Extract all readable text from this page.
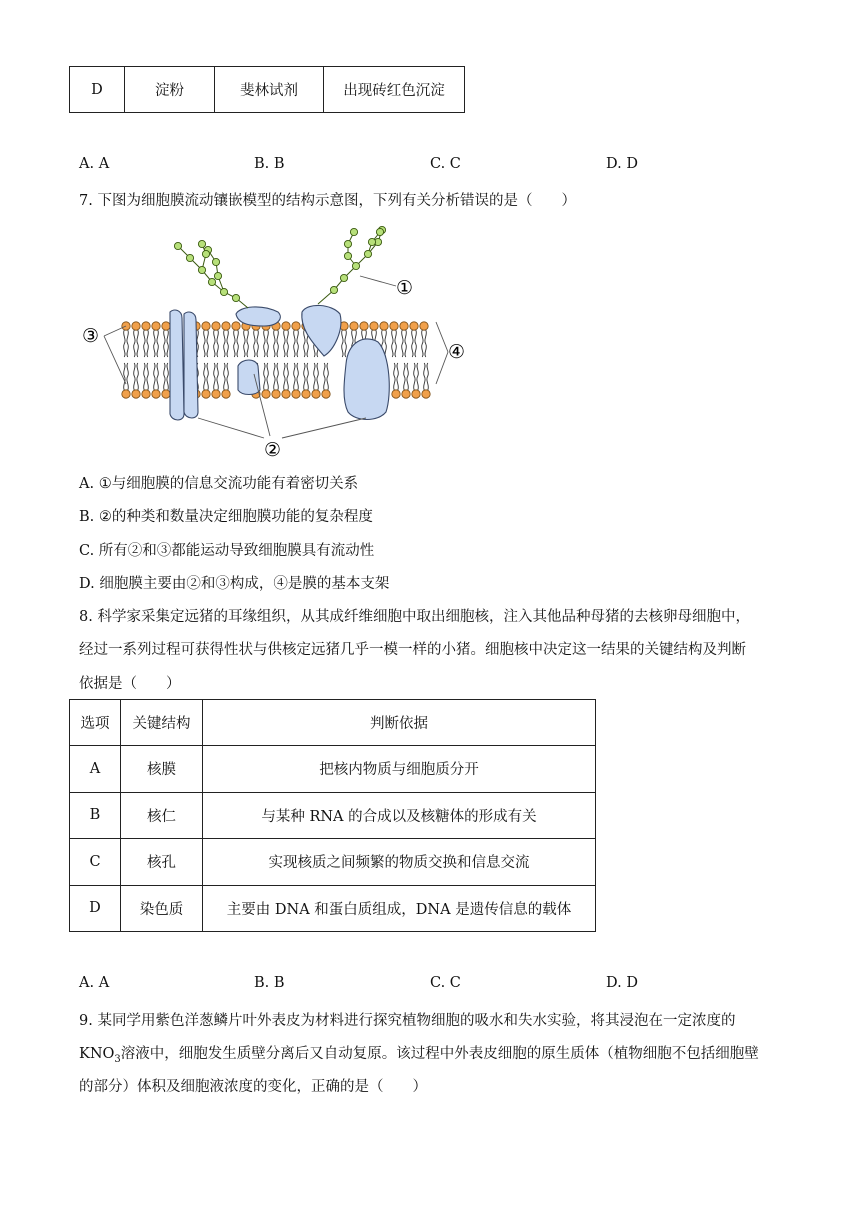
D	淀粉	斐林试剂	出现砖红色沉淀
A. A	B. B	C. C	D. D
7. 下图为细胞膜流动镶嵌模型的结构示意图，下列有关分析错误的是（　　）
①
③
④
②
A. ①与细胞膜的信息交流功能有着密切关系
B. ②的种类和数量决定细胞膜功能的复杂程度
C. 所有②和③都能运动导致细胞膜具有流动性
D. 细胞膜主要由②和③构成，④是膜的基本支架
8. 科学家采集定远猪的耳缘组织，从其成纤维细胞中取出细胞核，注入其他品种母猪的去核卵母细胞中，
经过一系列过程可获得性状与供核定远猪几乎一模一样的小猪。细胞核中决定这一结果的关键结构及判断
依据是（　　）
选项	关键结构	判断依据
A	核膜	把核内物质与细胞质分开
B	核仁	与某种 RNA 的合成以及核糖体的形成有关
C	核孔	实现核质之间频繁的物质交换和信息交流
D	染色质	主要由 DNA 和蛋白质组成，DNA 是遗传信息的载体
A. A	B. B	C. C	D. D
9. 某同学用紫色洋葱鳞片叶外表皮为材料进行探究植物细胞的吸水和失水实验，将其浸泡在一定浓度的
$KNO_3$溶液中，细胞发生质壁分离后又自动复原。该过程中外表皮细胞的原生质体（植物细胞不包括细胞壁
的部分）体积及细胞液浓度的变化，正确的是（　　）
